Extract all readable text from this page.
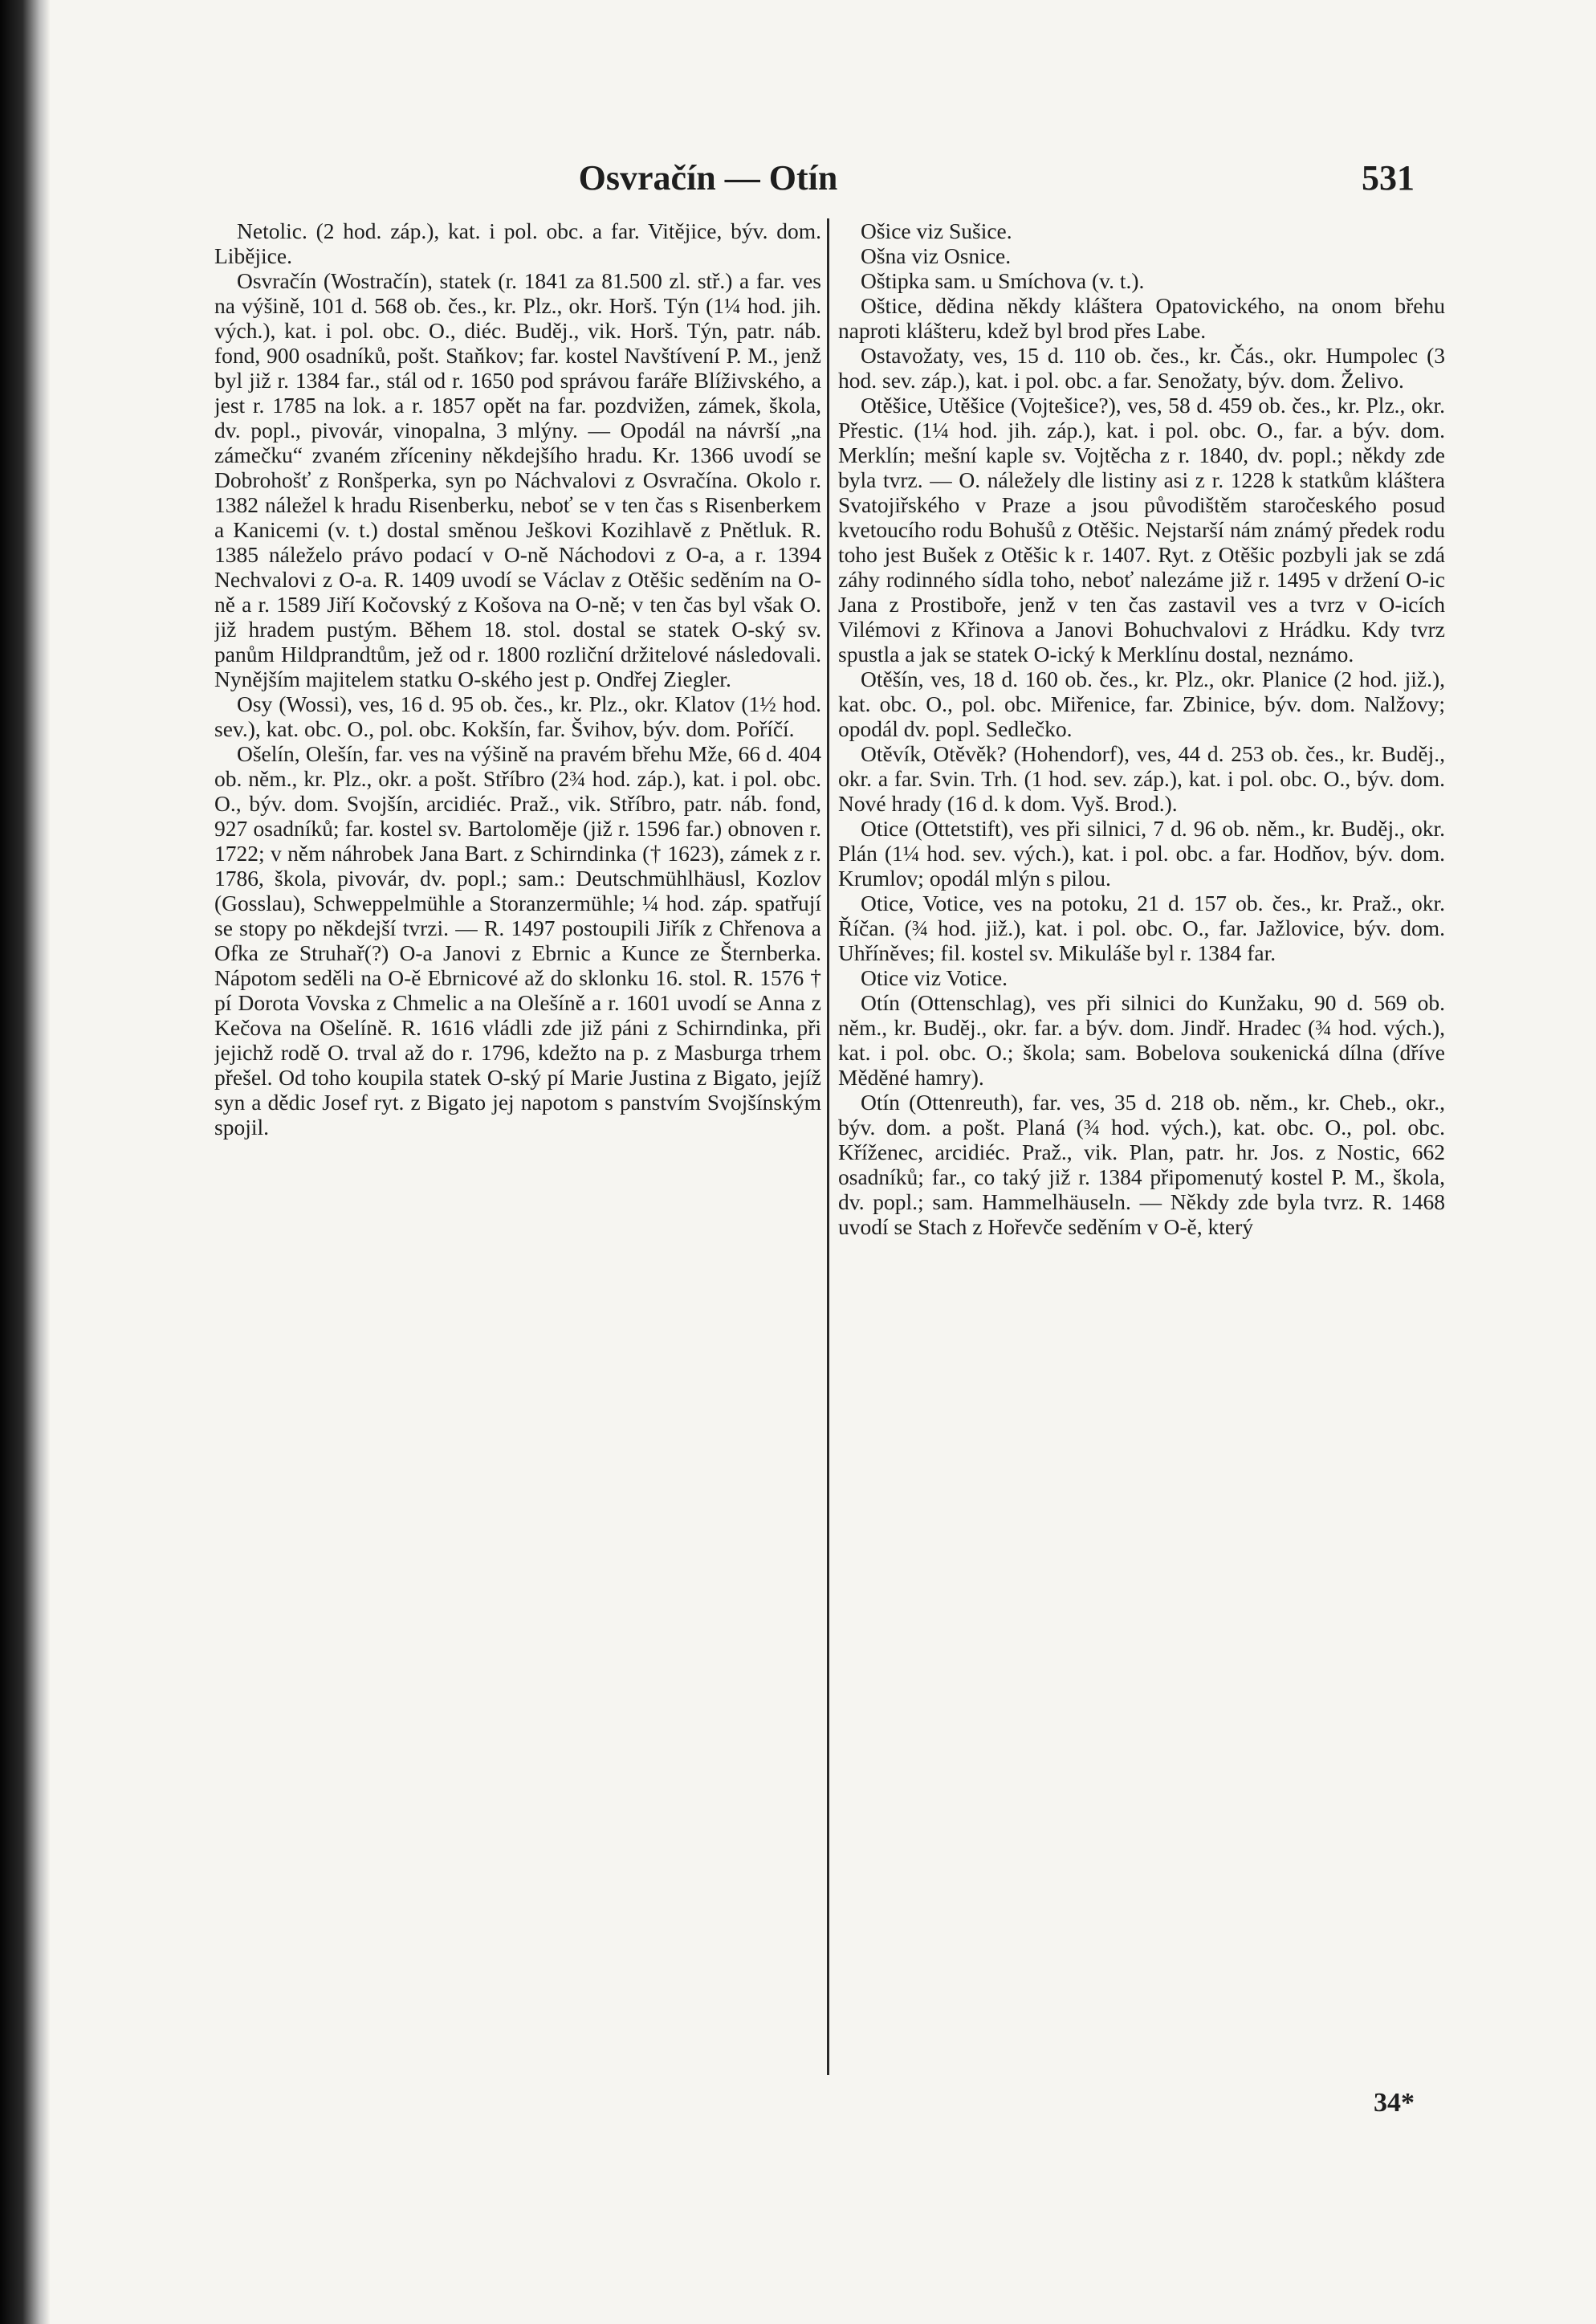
Osvračín — Otín	531

Netolic. (2 hod. záp.), kat. i pol. obc. a far. Vitějice, býv. dom. Libějice.

Osvračín (Wostračín), statek (r. 1841 za 81.500 zl. stř.) a far. ves na výšině, 101 d. 568 ob. čes., kr. Plz., okr. Horš. Týn (1¼ hod. jih. vých.), kat. i pol. obc. O., diéc. Buděj., vik. Horš. Týn, patr. náb. fond, 900 osadníků, pošt. Staňkov; far. kostel Navštívení P. M., jenž byl již r. 1384 far., stál od r. 1650 pod správou faráře Blíživského, a jest r. 1785 na lok. a r. 1857 opět na far. pozdvižen, zámek, škola, dv. popl., pivovár, vinopalna, 3 mlýny. — Opodál na návrší „na zámečku“ zvaném zříceniny někdejšího hradu. Kr. 1366 uvodí se Dobrohošť z Ronšperka, syn po Náchvalovi z Osvračína. Okolo r. 1382 náležel k hradu Risenberku, neboť se v ten čas s Risenberkem a Kanicemi (v. t.) dostal směnou Ješkovi Kozihlavě z Pnětluk. R. 1385 náleželo právo podací v O-ně Náchodovi z O-a, a r. 1394 Nechvalovi z O-a. R. 1409 uvodí se Václav z Otěšic seděním na O-ně a r. 1589 Jiří Kočovský z Košova na O-ně; v ten čas byl však O. již hradem pustým. Během 18. stol. dostal se statek O-ský sv. panům Hildprandtům, jež od r. 1800 rozliční držitelové následovali. Nynějším majitelem statku O-ského jest p. Ondřej Ziegler.

Osy (Wossi), ves, 16 d. 95 ob. čes., kr. Plz., okr. Klatov (1½ hod. sev.), kat. obc. O., pol. obc. Kokšín, far. Švihov, býv. dom. Poříčí.

Ošelín, Olešín, far. ves na výšině na pravém břehu Mže, 66 d. 404 ob. něm., kr. Plz., okr. a pošt. Stříbro (2¾ hod. záp.), kat. i pol. obc. O., býv. dom. Svojšín, arcidiéc. Praž., vik. Stříbro, patr. náb. fond, 927 osadníků; far. kostel sv. Bartoloměje (již r. 1596 far.) obnoven r. 1722; v něm náhrobek Jana Bart. z Schirndinka († 1623), zámek z r. 1786, škola, pivovár, dv. popl.; sam.: Deutschmühlhäusl, Kozlov (Gosslau), Schweppelmühle a Storanzermühle; ¼ hod. záp. spatřují se stopy po někdejší tvrzi. — R. 1497 postoupili Jiřík z Chřenova a Ofka ze Struhař(?) O-a Janovi z Ebrnic a Kunce ze Šternberka. Nápotom seděli na O-ě Ebrnicové až do sklonku 16. stol. R. 1576 † pí Dorota Vovska z Chmelic a na Olešíně a r. 1601 uvodí se Anna z Kečova na Ošelíně. R. 1616 vládli zde již páni z Schirndinka, při jejichž rodě O. trval až do r. 1796, kdežto na p. z Masburga trhem přešel. Od toho koupila statek O-ský pí Marie Justina z Bigato, jejíž syn a dědic Josef ryt. z Bigato jej napotom s panstvím Svojšínským spojil.

Ošice viz Sušice.

Ošna viz Osnice.

Oštipka sam. u Smíchova (v. t.).

Oštice, dědina někdy kláštera Opatovického, na onom břehu naproti klášteru, kdež byl brod přes Labe.

Ostavožaty, ves, 15 d. 110 ob. čes., kr. Čás., okr. Humpolec (3 hod. sev. záp.), kat. i pol. obc. a far. Senožaty, býv. dom. Želivo.

Otěšice, Utěšice (Vojtešice?), ves, 58 d. 459 ob. čes., kr. Plz., okr. Přestic. (1¼ hod. jih. záp.), kat. i pol. obc. O., far. a býv. dom. Merklín; mešní kaple sv. Vojtěcha z r. 1840, dv. popl.; někdy zde byla tvrz. — O. náležely dle listiny asi z r. 1228 k statkům kláštera Svatojiřského v Praze a jsou původištěm staročeského posud kvetoucího rodu Bohušů z Otěšic. Nejstarší nám známý předek rodu toho jest Bušek z Otěšic k r. 1407. Ryt. z Otěšic pozbyli jak se zdá záhy rodinného sídla toho, neboť nalezáme již r. 1495 v držení O-ic Jana z Prostiboře, jenž v ten čas zastavil ves a tvrz v O-icích Vilémovi z Křinova a Janovi Bohuchvalovi z Hrádku. Kdy tvrz spustla a jak se statek O-ický k Merklínu dostal, neznámo.

Otěšín, ves, 18 d. 160 ob. čes., kr. Plz., okr. Planice (2 hod. již.), kat. obc. O., pol. obc. Miřenice, far. Zbinice, býv. dom. Nalžovy; opodál dv. popl. Sedlečko.

Otěvík, Otěvěk? (Hohendorf), ves, 44 d. 253 ob. čes., kr. Buděj., okr. a far. Svin. Trh. (1 hod. sev. záp.), kat. i pol. obc. O., býv. dom. Nové hrady (16 d. k dom. Vyš. Brod.).

Otice (Ottetstift), ves při silnici, 7 d. 96 ob. něm., kr. Buděj., okr. Plán (1¼ hod. sev. vých.), kat. i pol. obc. a far. Hodňov, býv. dom. Krumlov; opodál mlýn s pilou.

Otice, Votice, ves na potoku, 21 d. 157 ob. čes., kr. Praž., okr. Říčan. (¾ hod. již.), kat. i pol. obc. O., far. Jažlovice, býv. dom. Uhříněves; fil. kostel sv. Mikuláše byl r. 1384 far.

Otice viz Votice.

Otín (Ottenschlag), ves při silnici do Kunžaku, 90 d. 569 ob. něm., kr. Buděj., okr. far. a býv. dom. Jindř. Hradec (¾ hod. vých.), kat. i pol. obc. O.; škola; sam. Bobelova soukenická dílna (dříve Měděné hamry).

Otín (Ottenreuth), far. ves, 35 d. 218 ob. něm., kr. Cheb., okr., býv. dom. a pošt. Planá (¾ hod. vých.), kat. obc. O., pol. obc. Kříženec, arcidiéc. Praž., vik. Plan, patr. hr. Jos. z Nostic, 662 osadníků; far., co taký již r. 1384 připomenutý kostel P. M., škola, dv. popl.; sam. Hammelhäuseln. — Někdy zde byla tvrz. R. 1468 uvodí se Stach z Hořevče seděním v O-ě, který

34*
